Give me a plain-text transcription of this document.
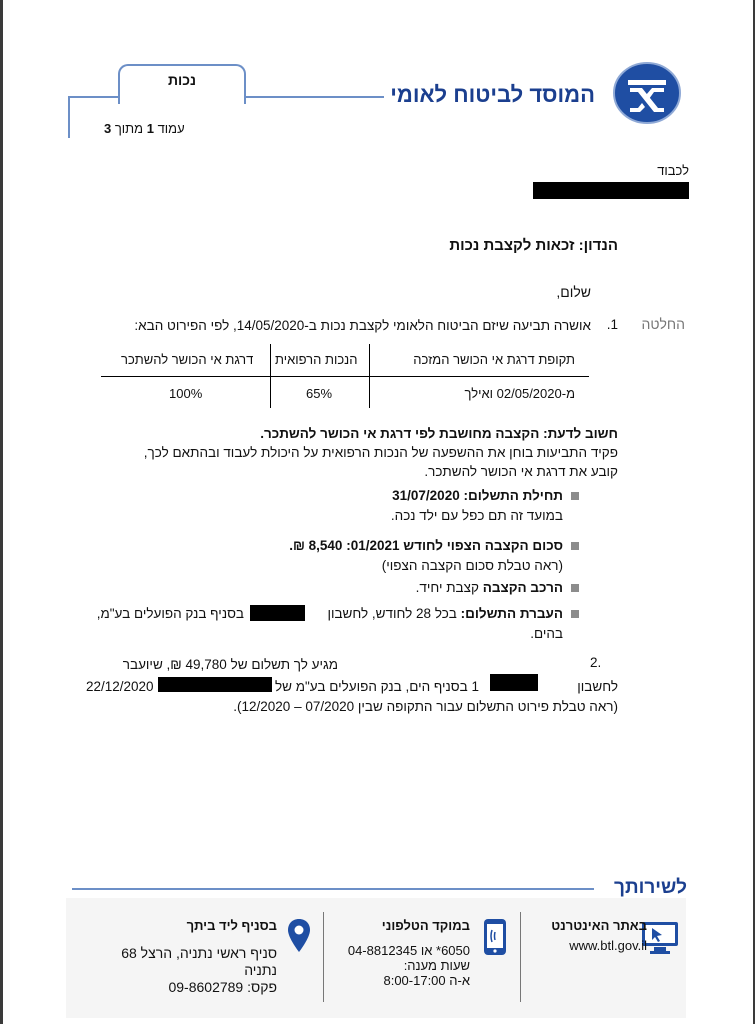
המוסד לביטוח לאומי
נכות
עמוד 1 מתוך 3
לכבוד
הנדון: זכאות לקצבת נכות
שלום,
החלטה
1.
אושרה תביעה שיזם הביטוח הלאומי לקצבת נכות ב-14/05/2020, לפי הפירוט הבא:
תקופת דרגת אי הכושר המזכה
הנכות הרפואית
דרגת אי הכושר להשתכר
מ-02/05/2020 ואילך
65%
100%
חשוב לדעת: הקצבה מחושבת לפי דרגת אי הכושר להשתכר.
פקיד התביעות בוחן את ההשפעה של הנכות הרפואית על היכולת לעבוד ובהתאם לכך,
קובע את דרגת אי הכושר להשתכר.
תחילת התשלום: 31/07/2020
במועד זה תם כפל עם ילד נכה.
סכום הקצבה הצפוי לחודש 01/2021: 8,540 ₪.
(ראה טבלת סכום הקצבה הצפוי)
הרכב הקצבה קצבת יחיד.
העברת התשלום: בכל 28 לחודש, לחשבון
בסניף בנק הפועלים בע"מ,
בהים.
.2
מגיע לך תשלום של 49,780 ₪, שיועבר
לחשבון
1 בסניף הים, בנק הפועלים בע"מ של
22/12/2020
(ראה טבלת פירוט התשלום עבור התקופה שבין 07/2020 – 12/2020).
לשירותך
באתר האינטרנט
www.btl.gov.il
במוקד הטלפוני
6050* או 04-8812345
שעות מענה:
א-ה 8:00-17:00
בסניף ליד ביתך
סניף ראשי נתניה, הרצל 68
נתניה
פקס: 09-8602789
